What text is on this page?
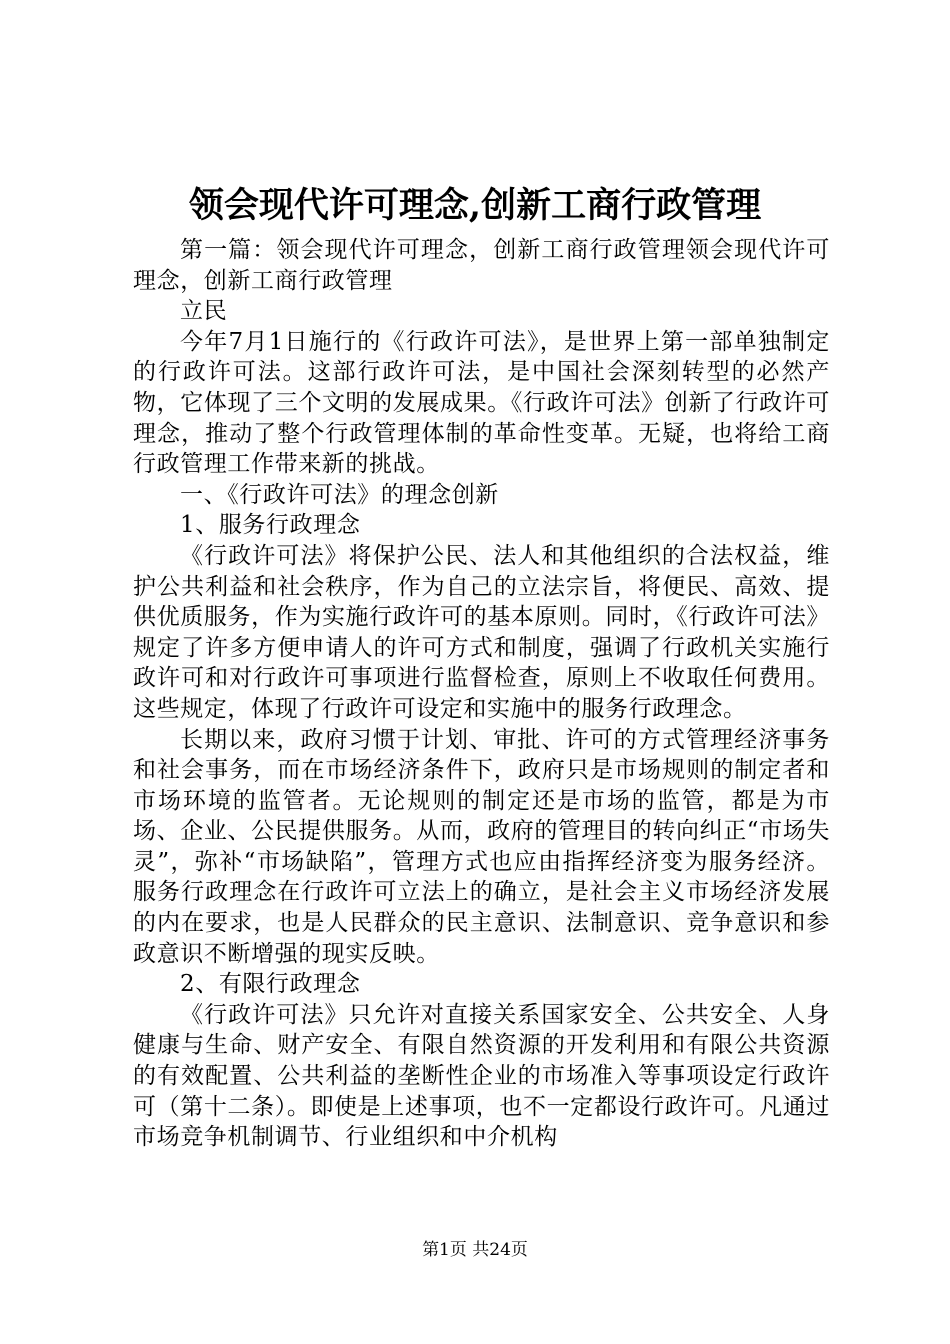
领会现代许可理念,创新工商行政管理

第一篇：领会现代许可理念，创新工商行政管理领会现代许可理念，创新工商行政管理

立民

今年7月1日施行的《行政许可法》，是世界上第一部单独制定的行政许可法。这部行政许可法，是中国社会深刻转型的必然产物，它体现了三个文明的发展成果。《行政许可法》创新了行政许可理念，推动了整个行政管理体制的革命性变革。无疑，也将给工商行政管理工作带来新的挑战。

一、《行政许可法》的理念创新

1、服务行政理念

《行政许可法》将保护公民、法人和其他组织的合法权益，维护公共利益和社会秩序，作为自己的立法宗旨，将便民、高效、提供优质服务，作为实施行政许可的基本原则。同时，《行政许可法》规定了许多方便申请人的许可方式和制度，强调了行政机关实施行政许可和对行政许可事项进行监督检查，原则上不收取任何费用。这些规定，体现了行政许可设定和实施中的服务行政理念。

长期以来，政府习惯于计划、审批、许可的方式管理经济事务和社会事务，而在市场经济条件下，政府只是市场规则的制定者和市场环境的监管者。无论规则的制定还是市场的监管，都是为市场、企业、公民提供服务。从而，政府的管理目的转向纠正“市场失灵”，弥补“市场缺陷”，管理方式也应由指挥经济变为服务经济。服务行政理念在行政许可立法上的确立，是社会主义市场经济发展的内在要求，也是人民群众的民主意识、法制意识、竞争意识和参政意识不断增强的现实反映。

2、有限行政理念

《行政许可法》只允许对直接关系国家安全、公共安全、人身健康与生命、财产安全、有限自然资源的开发利用和有限公共资源的有效配置、公共利益的垄断性企业的市场准入等事项设定行政许可（第十二条）。即使是上述事项，也不一定都设行政许可。凡通过市场竞争机制调节、行业组织和中介机构

第1页 共24页
